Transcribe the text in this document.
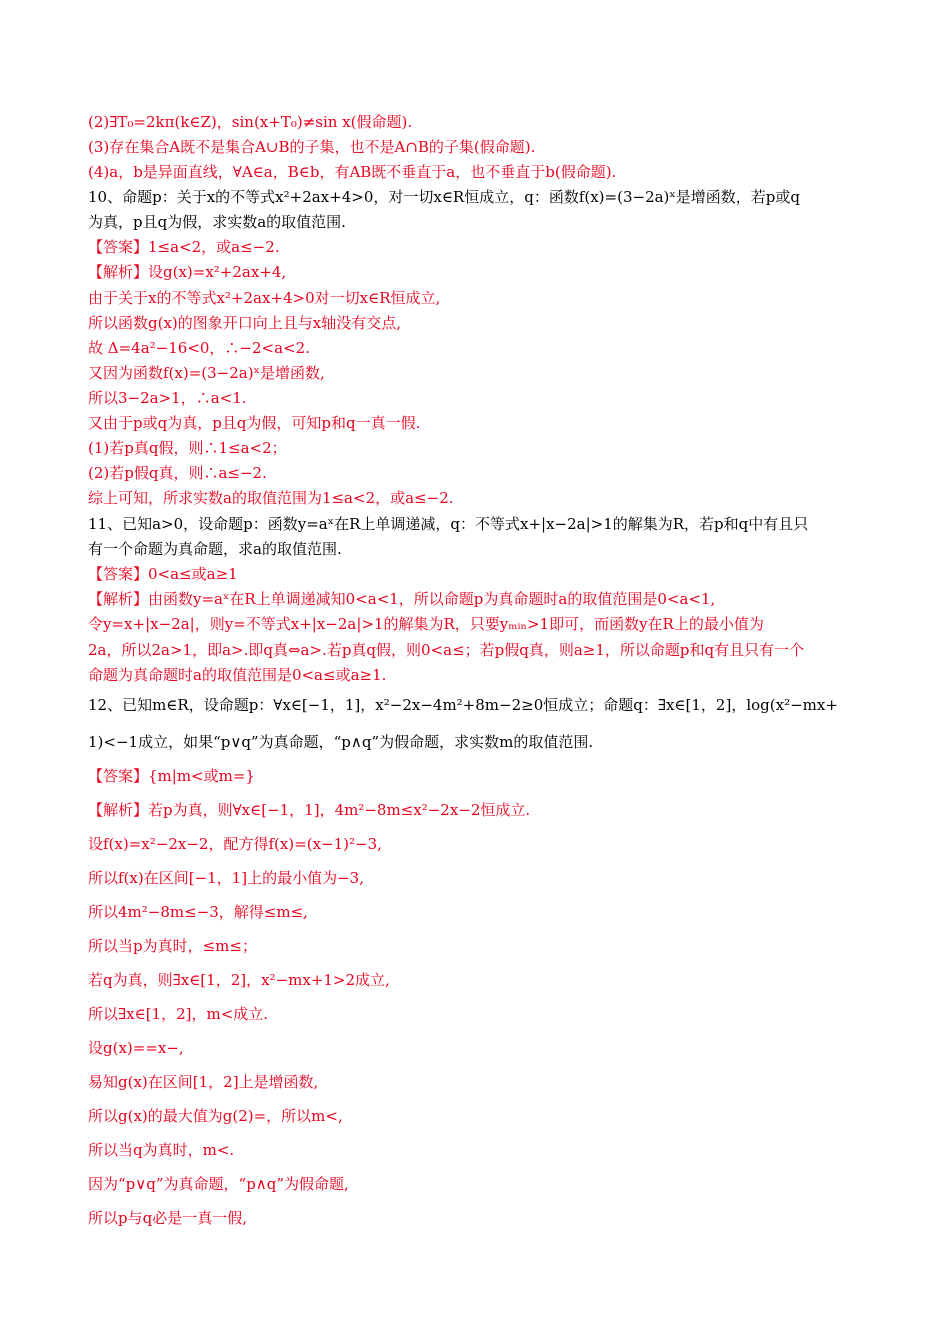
(2)∃T₀=2kπ(k∈Z)，sin(x+T₀)≠sin x(假命题).
(3)存在集合A既不是集合A∪B的子集，也不是A∩B的子集(假命题).
(4)a，b是异面直线，∀A∈a，B∈b，有AB既不垂直于a，也不垂直于b(假命题).
10、命题p：关于x的不等式x²+2ax+4>0，对一切x∈R恒成立，q：函数f(x)=(3−2a)ˣ是增函数，若p或q
为真，p且q为假，求实数a的取值范围.
【答案】1≤a<2，或a≤−2.
【解析】设g(x)=x²+2ax+4,
由于关于x的不等式x²+2ax+4>0对一切x∈R恒成立,
所以函数g(x)的图象开口向上且与x轴没有交点,
故 Δ=4a²−16<0，∴−2<a<2.
又因为函数f(x)=(3−2a)ˣ是增函数,
所以3−2a>1，∴a<1.
又由于p或q为真，p且q为假，可知p和q一真一假.
(1)若p真q假，则∴1≤a<2；
(2)若p假q真，则∴a≤−2.
综上可知，所求实数a的取值范围为1≤a<2，或a≤−2.
11、已知a>0，设命题p：函数y=aˣ在R上单调递减，q：不等式x+|x−2a|>1的解集为R，若p和q中有且只
有一个命题为真命题，求a的取值范围.
【答案】0<a≤或a≥1
【解析】由函数y=aˣ在R上单调递减知0<a<1，所以命题p为真命题时a的取值范围是0<a<1,
令y=x+|x−2a|，则y=不等式x+|x−2a|>1的解集为R，只要yₘᵢₙ>1即可，而函数y在R上的最小值为
2a，所以2a>1，即a>.即q真⇔a>.若p真q假，则0<a≤；若p假q真，则a≥1，所以命题p和q有且只有一个
命题为真命题时a的取值范围是0<a≤或a≥1.
12、已知m∈R，设命题p：∀x∈[−1，1]，x²−2x−4m²+8m−2≥0恒成立；命题q：∃x∈[1，2]，log(x²−mx+
1)<−1成立，如果“p∨q”为真命题，“p∧q”为假命题，求实数m的取值范围.
【答案】{m|m<或m=}
【解析】若p为真，则∀x∈[−1，1]，4m²−8m≤x²−2x−2恒成立.
设f(x)=x²−2x−2，配方得f(x)=(x−1)²−3,
所以f(x)在区间[−1，1]上的最小值为−3,
所以4m²−8m≤−3，解得≤m≤,
所以当p为真时，≤m≤；
若q为真，则∃x∈[1，2]，x²−mx+1>2成立,
所以∃x∈[1，2]，m<成立.
设g(x)==x−,
易知g(x)在区间[1，2]上是增函数,
所以g(x)的最大值为g(2)=，所以m<,
所以当q为真时，m<.
因为“p∨q”为真命题，“p∧q”为假命题,
所以p与q必是一真一假,
